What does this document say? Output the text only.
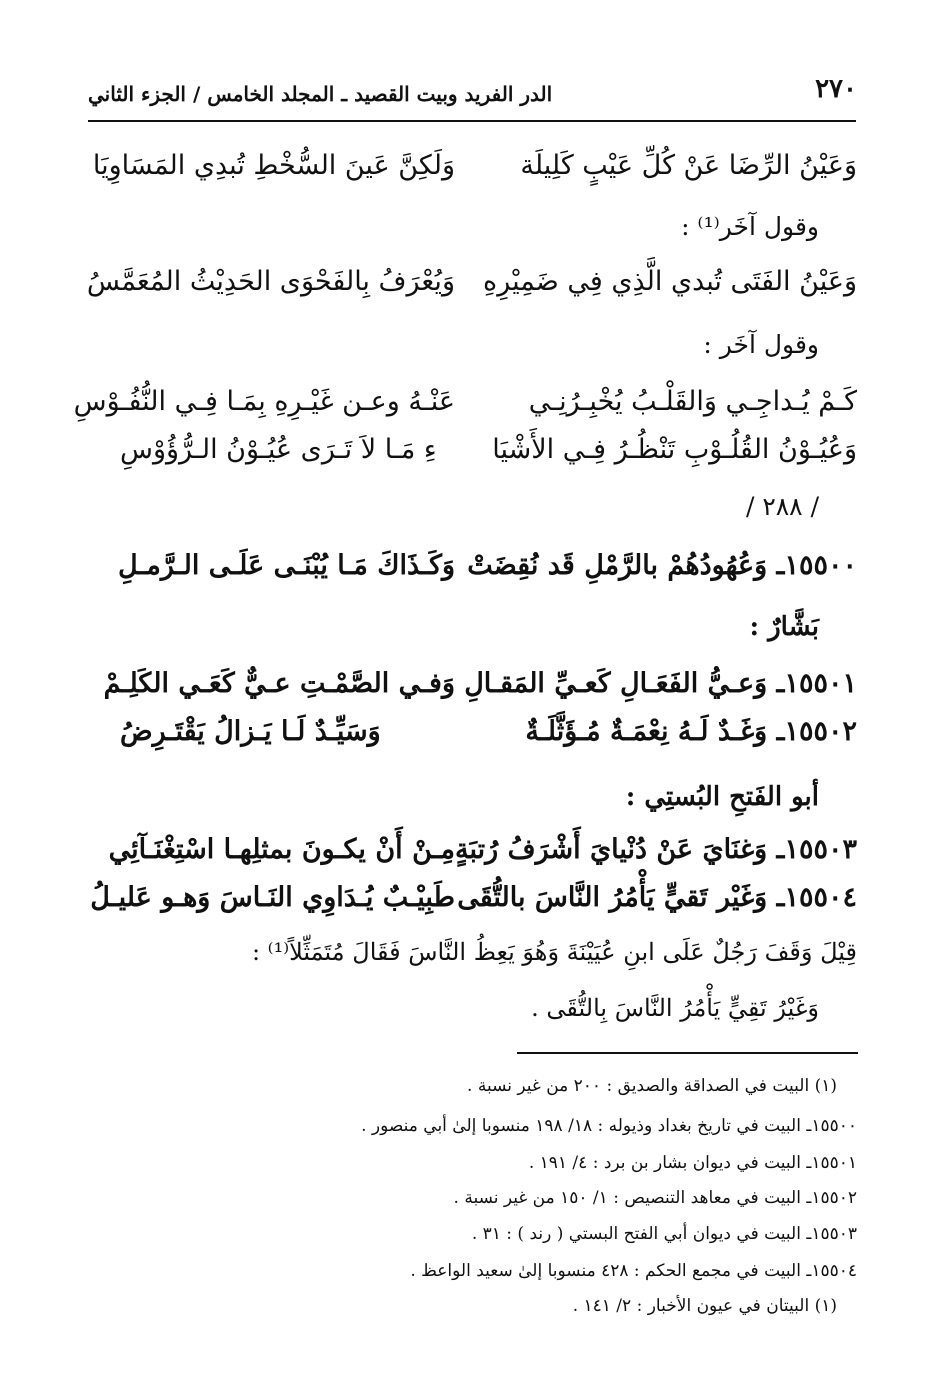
٢٧٠
الدر الفريد وبيت القصيد ـ المجلد الخامس / الجزء الثاني
وَعَيْنُ الرِّضَا عَنْ كُلِّ عَيْبٍ كَلِيلَة
وَلَكِنَّ عَينَ السُّخْطِ تُبدِي المَسَاوِيَا
وقول آخَر⁽¹⁾ :
وَعَيْنُ الفَتَى تُبدي الَّذِي فِي ضَمِيْرِهِ
وَيُعْرَفُ بِالفَحْوَى الحَدِيْثُ المُعَمَّسُ
وقول آخَر :
كَـمْ يُـداجِـي وَالقَلْـبُ يُخْبِـرُنِـي
عَنْـهُ وعـن غَيْـرِهِ بِمَـا فِـي النُّفُـوْسِ
وَعُيُـوْنُ القُلُـوْبِ تَنْظُـرُ فِـي الأَشْيَا
ءِ مَـا لاَ تَـرَى عُيُـوْنُ الـرُّؤُوْسِ
/ ٢٨٨ /
١٥٥٠٠ـ وَعُهُودُهُمْ بالرَّمْلِ قَد نُقِضَتْ
وَكَـذَاكَ مَـا يُبْنَـى عَلَـى الـرَّمـلِ
بَشَّارٌ :
١٥٥٠١ـ وَعـيُّ الفَعَـالِ كَعـيِّ المَقـالِ
وَفـي الصَّمْـتِ عـيٌّ كَعَـي الكَلِـمْ
١٥٥٠٢ـ وَغَـدٌ لَـهُ نِعْمَـةٌ مُـؤَثَّلَـةٌ
وَسَيِّـدٌ لَـا يَـزالُ يَقْتَـرِضُ
أبو الفَتحِ البُستِي :
١٥٥٠٣ـ وَغنَايَ عَنْ دُنْيايَ أَشْرَفُ رُتبَةٍ
مِـنْ أَنْ يكـونَ بمثلِهـا اسْتِغْنَـآئِي
١٥٥٠٤ـ وَغَيْر تَقيٍّ يَأْمُرُ النَّاسَ بالتُّقَى
طَبِيْـبٌ يُـدَاوِي النَـاسَ وَهـو عَليـلُ
قِيْلَ وَقَفَ رَجُلٌ عَلَى ابنِ عُيَيْنَةَ وَهُوَ يَعِظُ النَّاسَ فَقَالَ مُتَمَثِّلاً⁽¹⁾ :
وَغَيْرُ تَقِيٍّ يَأْمُرُ النَّاسَ بِالتُّقَى .
(١) البيت في الصداقة والصديق : ٢٠٠ من غير نسبة .
١٥٥٠٠ـ البيت في تاريخ بغداد وذيوله : ١٨/ ١٩٨ منسوبا إلىٰ أبي منصور .
١٥٥٠١ـ البيت في ديوان بشار بن برد : ٤/ ١٩١ .
١٥٥٠٢ـ البيت في معاهد التنصيص : ١/ ١٥٠ من غير نسبة .
١٥٥٠٣ـ البيت في ديوان أبي الفتح البستي ( رند ) : ٣١ .
١٥٥٠٤ـ البيت في مجمع الحكم : ٤٢٨ منسوبا إلىٰ سعيد الواعظ .
(١) البيتان في عيون الأخبار : ٢/ ١٤١ .
